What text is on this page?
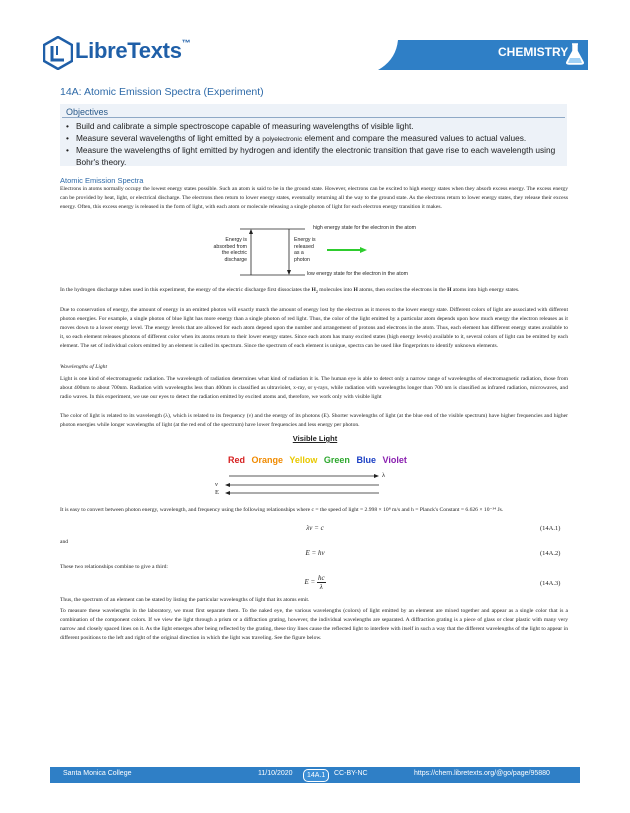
LibreTexts™
CHEMISTRY
14A: Atomic Emission Spectra (Experiment)
Objectives
• Build and calibrate a simple spectroscope capable of measuring wavelengths of visible light.
• Measure several wavelengths of light emitted by a polyelectronic element and compare the measured values to actual values.
• Measure the wavelengths of light emitted by hydrogen and identify the electronic transition that gave rise to each wavelength using Bohr's theory.
Atomic Emission Spectra

Electrons in atoms normally occupy the lowest energy states possible. Such an atom is said to be in the ground state. However, electrons can be excited to high energy states when they absorb excess energy. The excess energy can be provided by heat, light, or electrical discharge. The electrons then return to lower energy states, eventually returning all the way to the ground state. As the electrons return to lower energy states, they release their excess energy. Often, this excess energy is released in the form of light, with each atom or molecule releasing a single photon of light for each electron energy transition it makes.

high energy state for the electron in the atom
low energy state for the electron in the atom
Energy is
absorbed from
the electric
discharge
Energy is
released
as a
photon

In the hydrogen discharge tubes used in this experiment, the energy of the electric discharge first dissociates the $H_2$ molecules into H atoms, then excites the electrons in the H atoms into high energy states.

Due to conservation of energy, the amount of energy in an emitted photon will exactly match the amount of energy lost by the electron as it moves to the lower energy state. Different colors of light are associated with different photon energies. For example, a single photon of blue light has more energy than a single photon of red light. Thus, the color of the light emitted by a particular atom depends upon how much energy the electron releases as it moves down to a lower energy level. The energy levels that are allowed for each atom depend upon the number and arrangement of protons and electrons in the atom. Thus, each element has different energy states available to it, so each element releases photons of different color when its atoms return to their lower energy states. Since each atom has many excited states (high energy levels) available to it, several colors of light can be emitted by each element. The set of individual colors emitted by an element is called its spectrum. Since the spectrum of each element is unique, spectra can be used like fingerprints to identify unknown elements.

Wavelengths of Light

Light is one kind of electromagnetic radiation. The wavelength of radiation determines what kind of radiation it is. The human eye is able to detect only a narrow range of wavelengths of electromagnetic radiation, those from about 400nm to about 700nm. Radiation with wavelengths less than 400nm is classified as ultraviolet, x-ray, or γ-rays, while radiation with wavelengths longer than 700 nm is classified as infrared radiation, microwaves, and radio waves. In this experiment, we use our eyes to detect the radiation emitted by excited atoms and, therefore, we work only with visible light

The color of light is related to its wavelength (λ), which is related to its frequency (ν) and the energy of its photons (E). Shorter wavelengths of light (at the blue end of the visible spectrum) have higher frequencies and higher photon energies while longer wavelengths of light (at the red end of the spectrum) have lower frequencies and less energy per photon.

Visible Light
Red Orange Yellow Green Blue Violet
λ
ν
E

It is easy to convert between photon energy, wavelength, and frequency using the following relationships where c = the speed of light = 2.998 × 10⁸ m/s and h = Planck's Constant = 6.626 × 10⁻³⁴ Js.

λν = c	(14A.1)

and

E = hν	(14A.2)

These two relationships combine to give a third:

$E = \frac{hc}{\lambda}$	(14A.3)

Thus, the spectrum of an element can be stated by listing the particular wavelengths of light that its atoms emit.

To measure these wavelengths in the laboratory, we must first separate them. To the naked eye, the various wavelengths (colors) of light emitted by an element are mixed together and appear as a single color that is a combination of the component colors. If we view the light through a prism or a diffraction grating, however, the individual wavelengths are separated. A diffraction grating is a piece of glass or clear plastic with many very narrow and closely spaced lines on it. As the light emerges after being reflected by the grating, these tiny lines cause the reflected light to interfere with itself in such a way that the different wavelengths of the light to appear in different positions to the left and right of the original direction in which the light was traveling. See the figure below.

Santa Monica College	11/10/2020	14A.1	CC-BY-NC	https://chem.libretexts.org/@go/page/95880
